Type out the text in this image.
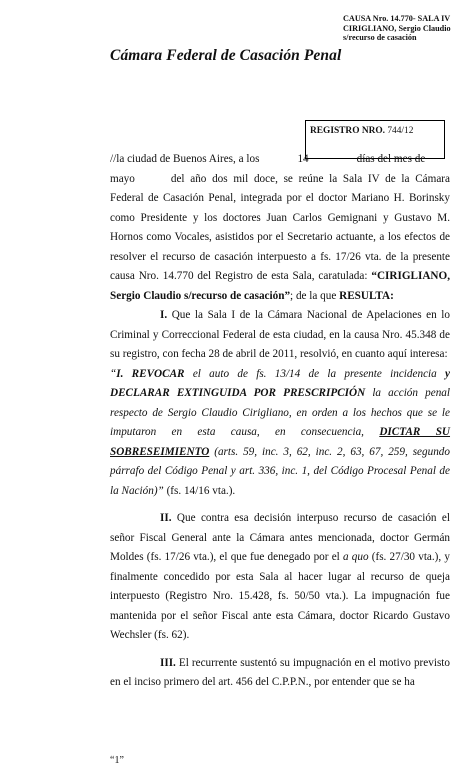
CAUSA Nro. 14.770- SALA IV
CIRIGLIANO, Sergio Claudio
s/recurso de casación
Cámara Federal de Casación Penal
REGISTRO NRO. 744/12

//la ciudad de Buenos Aires, a los	14	días del mes de
mayo	del año dos mil doce, se reúne la Sala IV de la Cámara Federal de Casación Penal, integrada por el doctor Mariano H. Borinsky como Presidente y los doctores Juan Carlos Gemignani y Gustavo M. Hornos como Vocales, asistidos por el Secretario actuante, a los efectos de resolver el recurso de casación interpuesto a fs. 17/26 vta. de la presente causa Nro. 14.770 del Registro de esta Sala, caratulada: “CIRIGLIANO, Sergio Claudio s/recurso de casación”; de la que RESULTA:

I. Que la Sala I de la Cámara Nacional de Apelaciones en lo Criminal y Correccional Federal de esta ciudad, en la causa Nro. 45.348 de su registro, con fecha 28 de abril de 2011, resolvió, en cuanto aquí interesa:

“I. REVOCAR el auto de fs. 13/14 de la presente incidencia y DECLARAR EXTINGUIDA POR PRESCRIPCIÓN la acción penal respecto de Sergio Claudio Cirigliano, en orden a los hechos que se le imputaron en esta causa, en consecuencia, DICTAR SU SOBRESEIMIENTO (arts. 59, inc. 3, 62, inc. 2, 63, 67, 259, segundo párrafo del Código Penal y art. 336, inc. 1, del Código Procesal Penal de la Nación)” (fs. 14/16 vta.).

II. Que contra esa decisión interpuso recurso de casación el señor Fiscal General ante la Cámara antes mencionada, doctor Germán Moldes (fs. 17/26 vta.), el que fue denegado por el a quo (fs. 27/30 vta.), y finalmente concedido por esta Sala al hacer lugar al recurso de queja interpuesto (Registro Nro. 15.428, fs. 50/50 vta.). La impugnación fue mantenida por el señor Fiscal ante esta Cámara, doctor Ricardo Gustavo Wechsler (fs. 62).

III. El recurrente sustentó su impugnación en el motivo previsto en el inciso primero del art. 456 del C.P.P.N., por entender que se ha

“1”
